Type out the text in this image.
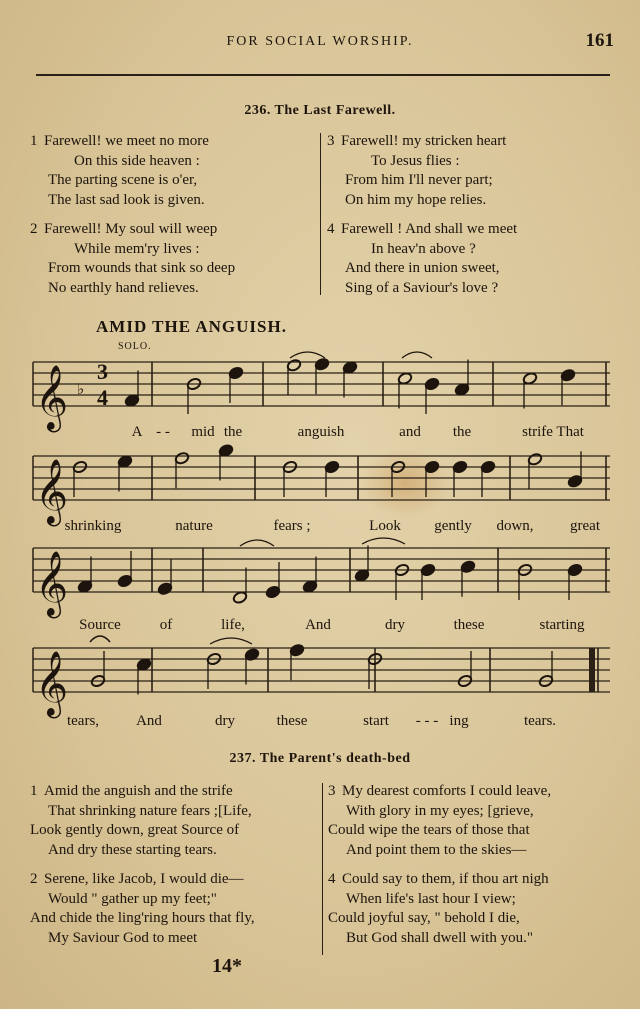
FOR SOCIAL WORSHIP.	161
236. The Last Farewell.
1 Farewell! we meet no more
On this side heaven :
The parting scene is o'er,
The last sad look is given.
2 Farewell! My soul will weep
While mem'ry lives :
From wounds that sink so deep
No earthly hand relieves.
3 Farewell! my stricken heart
To Jesus flies :
From him I'll never part;
On him my hope relies.
4 Farewell ! And shall we meet
In heav'n above ?
And there in union sweet,
Sing of a Saviour's love ?
AMID THE ANGUISH.
SOLO.
𝄞
𝄞
𝄞
𝄞
3
4
♭
A - - mid the	anguish	and the	strife That
shrinking	nature	fears ;	Look gently down, great
Source	of	life,	And	dry	these	starting
tears, And	dry	these	start - - - ing	tears.
237. The Parent's death-bed
1 Amid the anguish and the strife
That shrinking nature fears ;[Life,
Look gently down, great Source of
And dry these starting tears.
2 Serene, like Jacob, I would die—
Would " gather up my feet;"
And chide the ling'ring hours that fly,
My Saviour God to meet
3 My dearest comforts I could leave,
With glory in my eyes; [grieve,
Could wipe the tears of those that
And point them to the skies—
4 Could say to them, if thou art nigh
When life's last hour I view;
Could joyful say, " behold I die,
But God shall dwell with you."
14*
